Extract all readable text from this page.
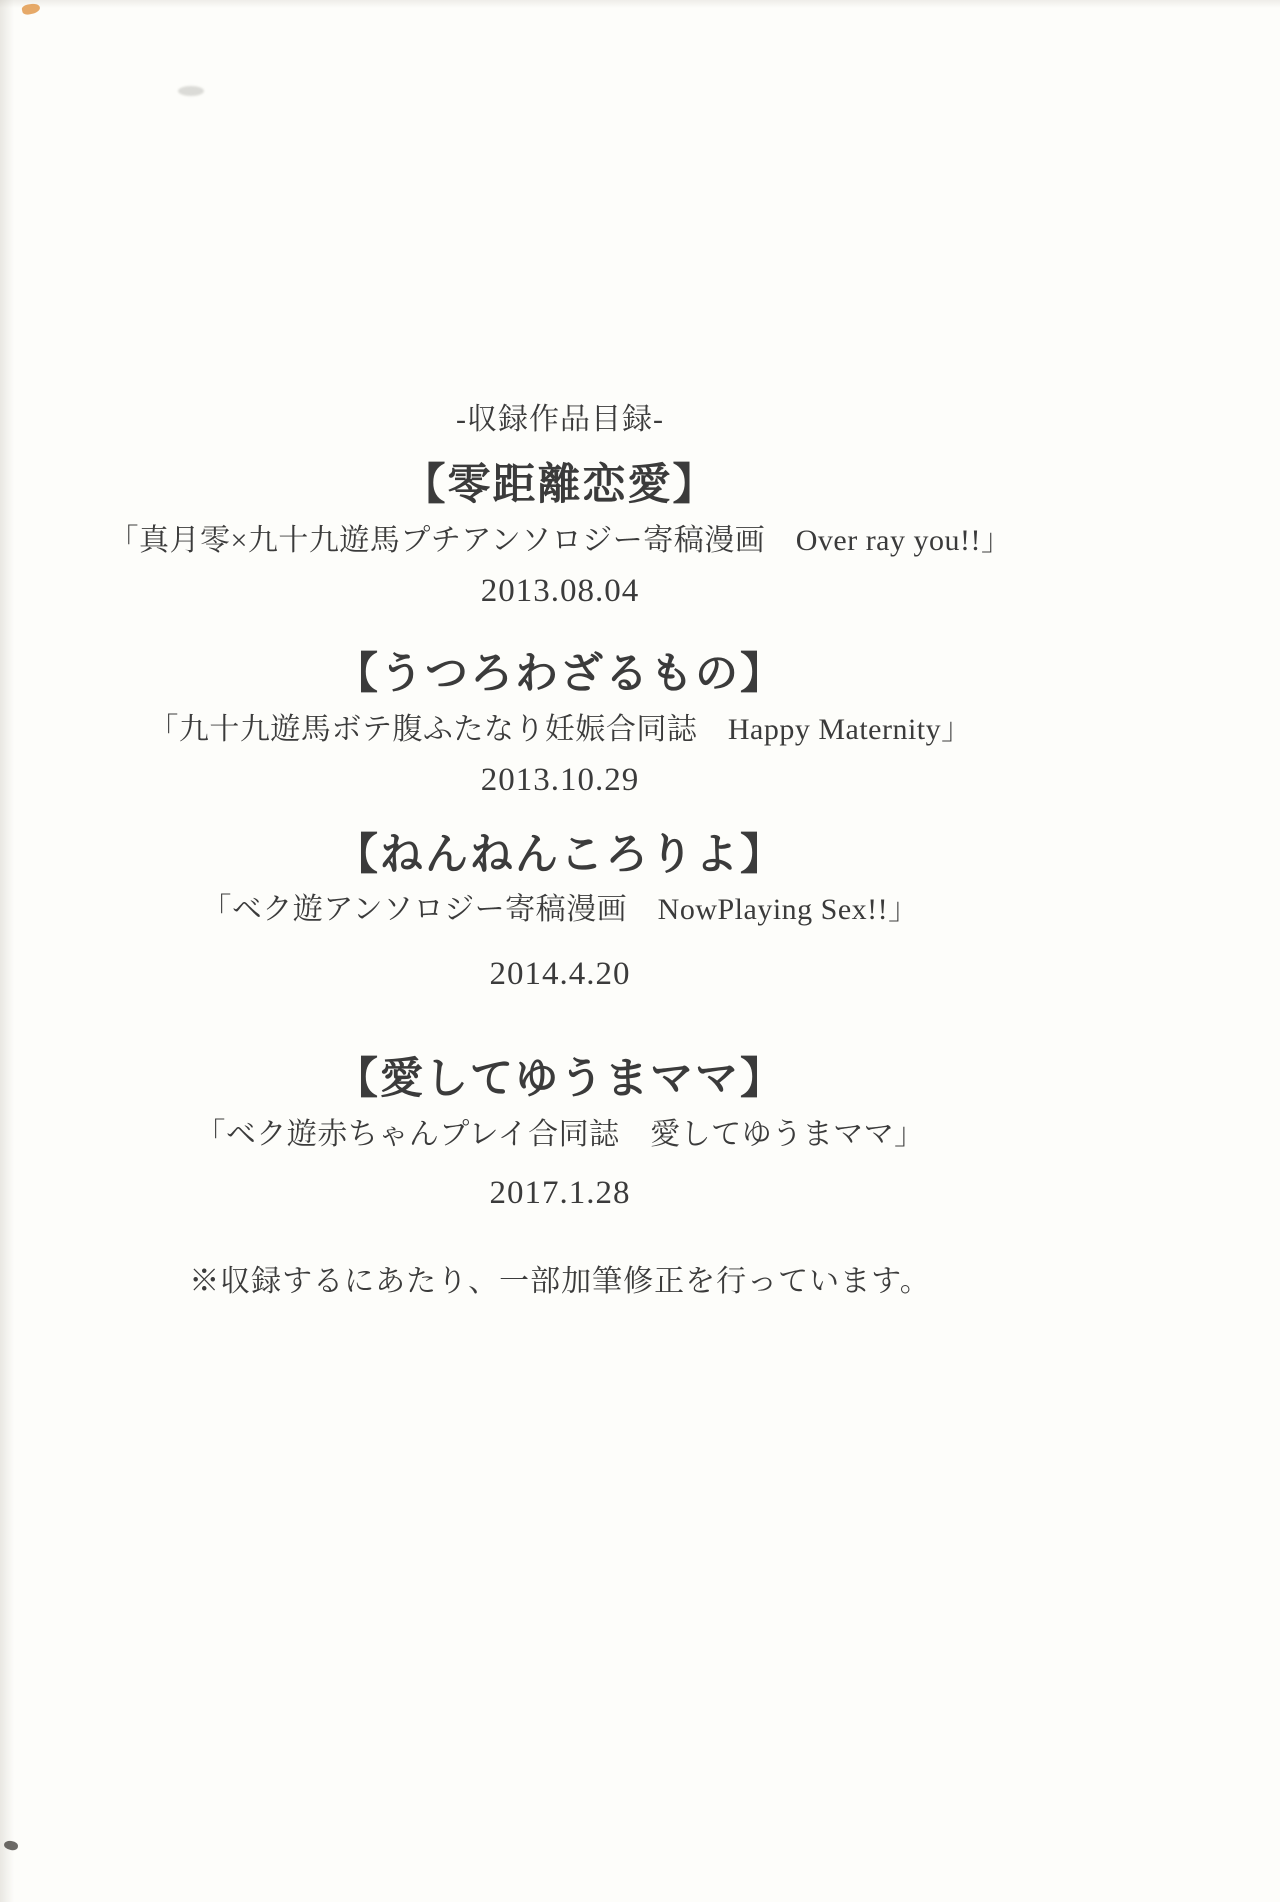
-収録作品目録-
【零距離恋愛】
「真月零×九十九遊馬プチアンソロジー寄稿漫画　Over ray you!!」
2013.08.04
【うつろわざるもの】
「九十九遊馬ボテ腹ふたなり妊娠合同誌　Happy Maternity」
2013.10.29
【ねんねんころりよ】
「ベク遊アンソロジー寄稿漫画　NowPlaying Sex!!」
2014.4.20
【愛してゆうまママ】
「ベク遊赤ちゃんプレイ合同誌　愛してゆうまママ」
2017.1.28
※収録するにあたり、一部加筆修正を行っています。
